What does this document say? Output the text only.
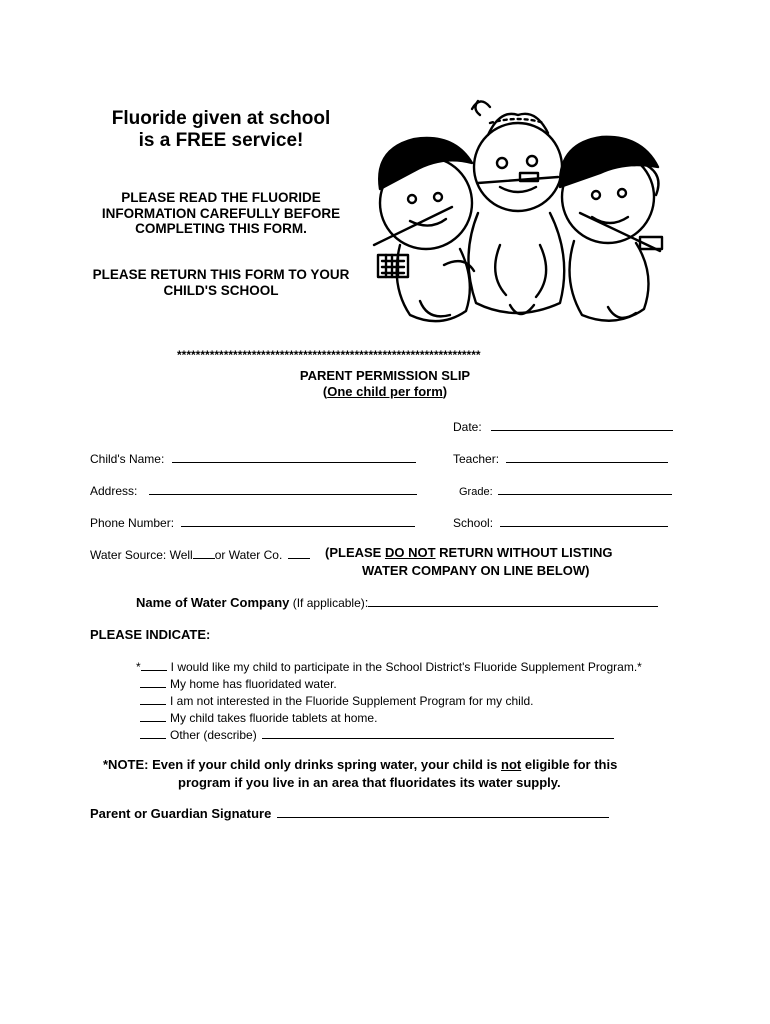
Fluoride given at school
is a FREE service!
PLEASE READ THE FLUORIDE INFORMATION CAREFULLY BEFORE COMPLETING THIS FORM.
PLEASE RETURN THIS FORM TO YOUR CHILD'S SCHOOL
*****************************************************************
PARENT PERMISSION SLIP
(One child per form)
Date:
Child's Name:	Teacher:
Address:	Grade:
Phone Number:	School:
Water Source: Well or Water Co.	(PLEASE DO NOT RETURN WITHOUT LISTING
WATER COMPANY ON LINE BELOW)
Name of Water Company (If applicable):
PLEASE INDICATE:
*	I would like my child to participate in the School District's Fluoride Supplement Program.*
My home has fluoridated water.
I am not interested in the Fluoride Supplement Program for my child.
My child takes fluoride tablets at home.
Other (describe)
*NOTE: Even if your child only drinks spring water, your child is not eligible for this
program if you live in an area that fluoridates its water supply.
Parent or Guardian Signature
